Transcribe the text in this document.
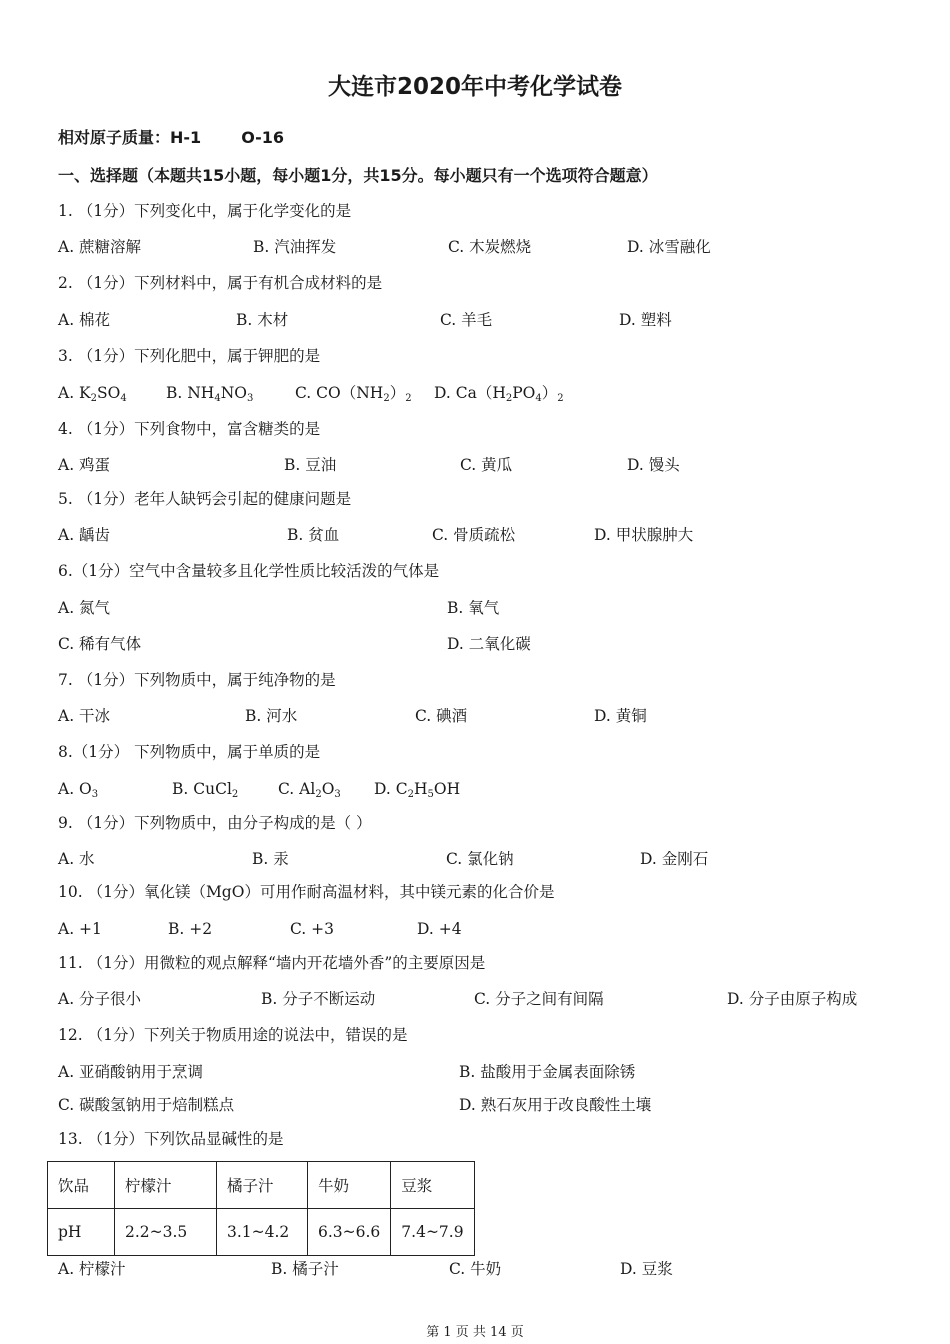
大连市2020年中考化学试卷
相对原子质量：H-1	O-16
一、选择题（本题共15小题，每小题1分，共15分。每小题只有一个选项符合题意）
1. （1分）下列变化中，属于化学变化的是
A. 蔗糖溶解	B. 汽油挥发	C. 木炭燃烧	D. 冰雪融化
2. （1分）下列材料中，属于有机合成材料的是
A. 棉花	B. 木材	C. 羊毛	D. 塑料
3. （1分）下列化肥中，属于钾肥的是
A. $K_2SO_4$	B. $NH_4NO_3$	C. $CO(NH_2)_2$ D. $Ca(H_2PO_4)_2$
4. （1分）下列食物中，富含糖类的是
A. 鸡蛋	B. 豆油	C. 黄瓜	D. 馒头
5. （1分）老年人缺钙会引起的健康问题是
A. 龋齿	B. 贫血	C. 骨质疏松	D. 甲状腺肿大
6.（1分）空气中含量较多且化学性质比较活泼的气体是
A. 氮气	B. 氧气
C. 稀有气体	D. 二氧化碳
7. （1分）下列物质中，属于纯净物的是
A. 干冰	B. 河水	C. 碘酒	D. 黄铜
8.（1分） 下列物质中，属于单质的是
A. $O_3$	B. CuCl$_2$	C. $Al_2O_3$ D. $C_2H_5OH$
9. （1分）下列物质中，由分子构成的是（ ）
A. 水	B. 汞	C. 氯化钠	D. 金刚石
10. （1分）氧化镁（MgO）可用作耐高温材料，其中镁元素的化合价是
A. +1	B. +2	C. +3	D. +4
11. （1分）用微粒的观点解释“墙内开花墙外香”的主要原因是
A. 分子很小	B. 分子不断运动	C. 分子之间有间隔	D. 分子由原子构成
12. （1分）下列关于物质用途的说法中，错误的是
A. 亚硝酸钠用于烹调	B. 盐酸用于金属表面除锈
C. 碳酸氢钠用于焙制糕点	D. 熟石灰用于改良酸性土壤
13. （1分）下列饮品显碱性的是
饮品	柠檬汁	橘子汁	牛奶	豆浆
pH	2.2~3.5	3.1~4.2	6.3~6.6	7.4~7.9
A. 柠檬汁	B. 橘子汁	C. 牛奶	D. 豆浆
第 1 页 共 14 页
